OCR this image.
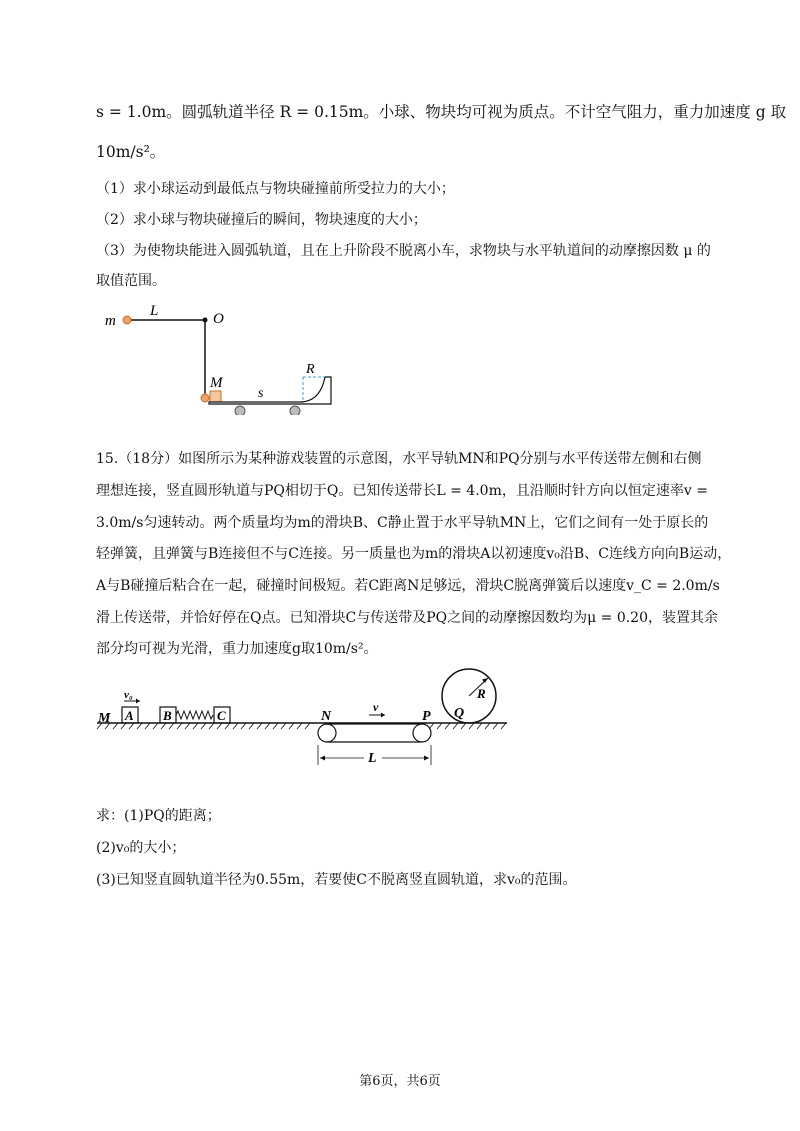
s = 1.0m。圆弧轨道半径 R = 0.15m。小球、物块均可视为质点。不计空气阻力，重力加速度 g 取
10m/s²。
（1）求小球运动到最低点与物块碰撞前所受拉力的大小；
（2）求小球与物块碰撞后的瞬间，物块速度的大小；
（3）为使物块能进入圆弧轨道，且在上升阶段不脱离小车，求物块与水平轨道间的动摩擦因数 μ 的
取值范围。
m
L	O
M
s
R
15.（18分）如图所示为某种游戏装置的示意图，水平导轨MN和PQ分别与水平传送带左侧和右侧
理想连接，竖直圆形轨道与PQ相切于Q。已知传送带长L = 4.0m，且沿顺时针方向以恒定速率v =
3.0m/s匀速转动。两个质量均为m的滑块B、C静止置于水平导轨MN上，它们之间有一处于原长的
轻弹簧，且弹簧与B连接但不与C连接。另一质量也为m的滑块A以初速度v₀沿B、C连线方向向B运动，
A与B碰撞后粘合在一起，碰撞时间极短。若C距离N足够远，滑块C脱离弹簧后以速度v_C = 2.0m/s
滑上传送带，并恰好停在Q点。已知滑块C与传送带及PQ之间的动摩擦因数均为μ = 0.20，装置其余
部分均可视为光滑，重力加速度g取10m/s²。
M
v₀
A B	C	N
v
P Q
R
L
求：(1)PQ的距离；
(2)v₀的大小；
(3)已知竖直圆轨道半径为0.55m，若要使C不脱离竖直圆轨道，求v₀的范围。
第6页，共6页
